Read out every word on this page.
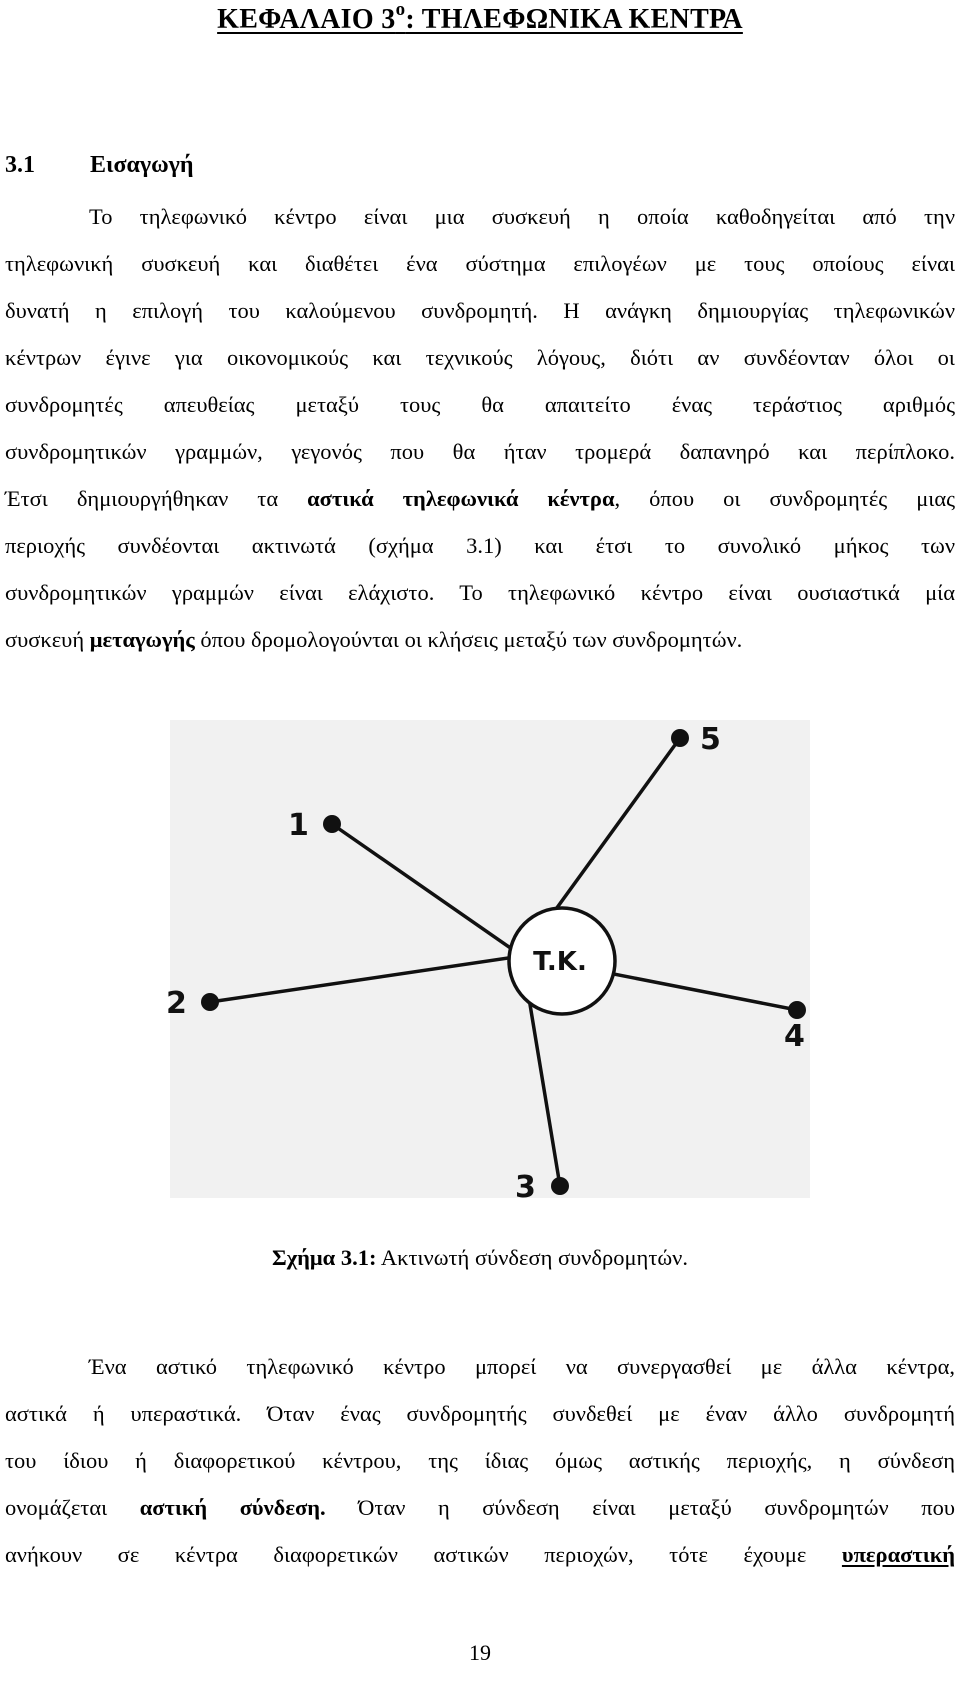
ΚΕΦΑΛΑΙΟ $3^o$: ΤΗΛΕΦΩΝΙΚΑ ΚΕΝΤΡΑ
3.1 Εισαγωγή
Το τηλεφωνικό κέντρο είναι μια συσκευή η οποία καθοδηγείται από την
τηλεφωνική συσκευή και διαθέτει ένα σύστημα επιλογέων με τους οποίους είναι
δυνατή η επιλογή του καλούμενου συνδρομητή. Η ανάγκη δημιουργίας τηλεφωνικών
κέντρων έγινε για οικονομικούς και τεχνικούς λόγους, διότι αν συνδέονταν όλοι οι
συνδρομητές απευθείας μεταξύ τους θα απαιτείτο ένας τεράστιος αριθμός
συνδρομητικών γραμμών, γεγονός που θα ήταν τρομερά δαπανηρό και περίπλοκο.
Έτσι δημιουργήθηκαν τα αστικά τηλεφωνικά κέντρα, όπου οι συνδρομητές μιας
περιοχής συνδέονται ακτινωτά (σχήμα 3.1) και έτσι το συνολικό μήκος των
συνδρομητικών γραμμών είναι ελάχιστο. Το τηλεφωνικό κέντρο είναι ουσιαστικά μία
συσκευή μεταγωγής όπου δρομολογούνται οι κλήσεις μεταξύ των συνδρομητών.
T.K.
1
2
3
4
5
Σχήμα 3.1: Ακτινωτή σύνδεση συνδρομητών.
Ένα αστικό τηλεφωνικό κέντρο μπορεί να συνεργασθεί με άλλα κέντρα,
αστικά ή υπεραστικά. Όταν ένας συνδρομητής συνδεθεί με έναν άλλο συνδρομητή
του ίδιου ή διαφορετικού κέντρου, της ίδιας όμως αστικής περιοχής, η σύνδεση
ονομάζεται αστική σύνδεση. Όταν η σύνδεση είναι μεταξύ συνδρομητών που
ανήκουν σε κέντρα διαφορετικών αστικών περιοχών, τότε έχουμε υπεραστική
19
